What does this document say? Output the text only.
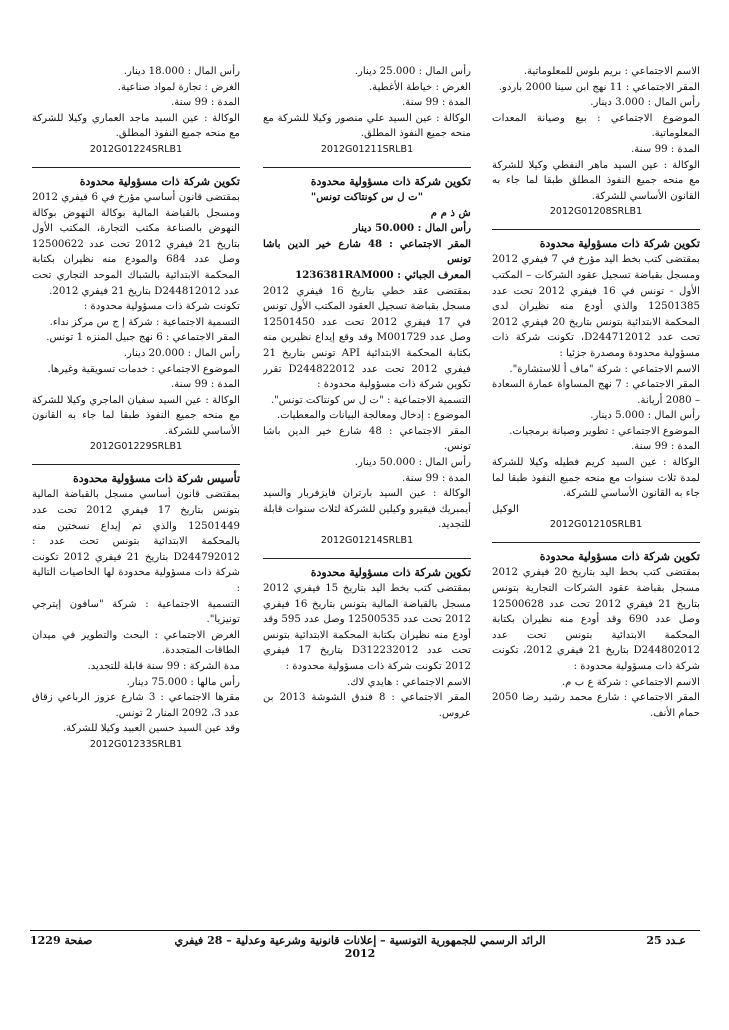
الاسم الاجتماعي : بريم بلوس للمعلوماتية.
المقر الاجتماعي : 11 نهج ابن سينا 2000 باردو.
رأس المال : 3.000 دينار.
الموضوع الاجتماعي : بيع وصيانة المعدات المعلوماتية.
المدة : 99 سنة.
الوكالة : عين السيد ماهر النفطي وكيلا للشركة مع منحه جميع النفوذ المطلق طبقا لما جاء به القانون الأساسي للشركة.
2012G01208SRLB1
تكوين شركة ذات مسؤولية محدودة
بمقتضى كتب بخط اليد مؤرخ في 7 فيفري 2012 ومسجل بقباضة تسجيل عقود الشركات – المكتب الأول - تونس في 16 فيفري 2012 تحت عدد 12501385 والذي أودع منه نظيران لدى المحكمة الابتدائية بتونس بتاريخ 20 فيفري 2012 تحت عدد D244712012، تكونت شركة ذات مسؤولية محدودة ومصدرة جزئيا :
الاسم الاجتماعي : شركة "ماف أ للاستشارة".
المقر الاجتماعي : 7 نهج المساواة عمارة السعادة – 2080 أريانة.
رأس المال : 5.000 دينار.
الموضوع الاجتماعي : تطوير وصيانة برمجيات.
المدة : 99 سنة.
الوكالة : عين السيد كريم فطيله وكيلا للشركة لمدة ثلاث سنوات مع منحه جميع النفوذ طبقا لما جاء به القانون الأساسي للشركة.
الوكيل
2012G01210SRLB1
تكوين شركة ذات مسؤولية محدودة
بمقتضى كتب بخط اليد بتاريخ 20 فيفري 2012 مسجل بقباضة عقود الشركات التجارية بتونس بتاريخ 21 فيفري 2012 تحت عدد 12500628 وصل عدد 690 وقد أودع منه نظيران بكتابة المحكمة الابتدائية بتونس تحت عدد D244802012 بتاريخ 21 فيفري 2012، تكونت شركة ذات مسؤولية محدودة :
الاسم الاجتماعي : شركة ع ب م.
المقر الاجتماعي : شارع محمد رشيد رضا 2050 حمام الأنف.
رأس المال : 25.000 دينار.
الغرض : خياطة الأغطية.
المدة : 99 سنة.
الوكالة : عين السيد علي منصور وكيلا للشركة مع منحه جميع النفوذ المطلق.
2012G01211SRLB1
تكوين شركة ذات مسؤولية محدودة
"ت ل س كونتاكت تونس"
ش ذ م م
رأس المال : 50.000 دينار
المقر الاجتماعي : 48 شارع خير الدين باشا تونس
المعرف الجبائي : 1236381RAM000
بمقتضى عقد خطي بتاريخ 16 فيفري 2012 مسجل بقباضة تسجيل العقود المكتب الأول تونس في 17 فيفري 2012 تحت عدد 12501450 وصل عدد M001729 وقد وقع إيداع نظيرين منه بكتابة المحكمة الابتدائية API تونس بتاريخ 21 فيفري 2012 تحت عدد D244822012 تقرر تكوين شركة ذات مسؤولية محدودة :
التسمية الاجتماعية : "ت ل س كونتاكت تونس".
الموضوع : إدخال ومعالجة البيانات والمعطيات.
المقر الاجتماعي : 48 شارع خير الدين باشا تونس.
رأس المال : 50.000 دينار.
المدة : 99 سنة.
الوكالة : عين السيد بارتران فايزفربار والسيد أيمبريك فيقيرو وكيلين للشركة لثلاث سنوات قابلة للتجديد.
2012G01214SRLB1
تكوين شركة ذات مسؤولية محدودة
بمقتضى كتب بخط اليد بتاريخ 15 فيفري 2012 مسجل بالقباضة المالية بتونس بتاريخ 16 فيفري 2012 تحت عدد 12500535 وصل عدد 595 وقد أودع منه نظيران بكتابة المحكمة الابتدائية بتونس تحت عدد D312232012 بتاريخ 17 فيفري 2012 تكونت شركة ذات مسؤولية محدودة :
الاسم الاجتماعي : هايدي لاك.
المقر الاجتماعي : 8 فندق الشوشة 2013 بن عروس.
رأس المال : 18.000 دينار.
الغرض : تجارة لمواد صناعية.
المدة : 99 سنة.
الوكالة : عين السيد ماجد العماري وكيلا للشركة مع منحه جميع النفوذ المطلق.
2012G01224SRLB1
تكوين شركة ذات مسؤولية محدودة
بمقتضى قانون أساسي مؤرخ في 6 فيفري 2012 ومسجل بالقباضة المالية بوكالة النهوض بوكالة النهوض بالصناعة مكتب التجارة، المكتب الأول بتاريخ 21 فيفري 2012 تحت عدد 12500622 وصل عدد 684 والمودع منه نظيران بكتابة المحكمة الابتدائية بالشباك الموحد التجاري تحت عدد D244812012 بتاريخ 21 فيفري 2012.
تكونت شركة ذات مسؤولية محدودة :
التسمية الاجتماعية : شركة إ ج س مركز نداء.
المقر الاجتماعي : 6 نهج جبيل المنزه 1 تونس.
رأس المال : 20.000 دينار.
الموضوع الاجتماعي : خدمات تسويقية وغيرها.
المدة : 99 سنة.
الوكالة : عين السيد سفيان الماجري وكيلا للشركة مع منحه جميع النفوذ طبقا لما جاء به القانون الأساسي للشركة.
2012G01229SRLB1
تأسيس شركة ذات مسؤولية محدودة
بمقتضى قانون أساسي مسجل بالقباضة المالية بتونس بتاريخ 17 فيفري 2012 تحت عدد 12501449 والذي تم إيداع نسختين منه بالمحكمة الابتدائية بتونس تحت عدد : D244792012 بتاريخ 21 فيفري 2012 تكونت شركة ذات مسؤولية محدودة لها الخاصيات التالية :
التسمية الاجتماعية : شركة "سافون إيترجي تونيزيا".
الغرض الاجتماعي : البحث والتطوير في ميدان الطاقات المتجددة.
مدة الشركة : 99 سنة قابلة للتجديد.
رأس مالها : 75.000 دينار.
مقرها الاجتماعي : 3 شارع عزوز الرباعي زقاق عدد 3، 2092 المنار 2 تونس.
وقد عين السيد حسين العبيد وكيلا للشركة.
2012G01233SRLB1
عـدد 25
الرائد الرسمي للجمهورية التونسية – إعلانات قانونية وشرعية وعدلية – 28 فيفري 2012
صفحة 1229
